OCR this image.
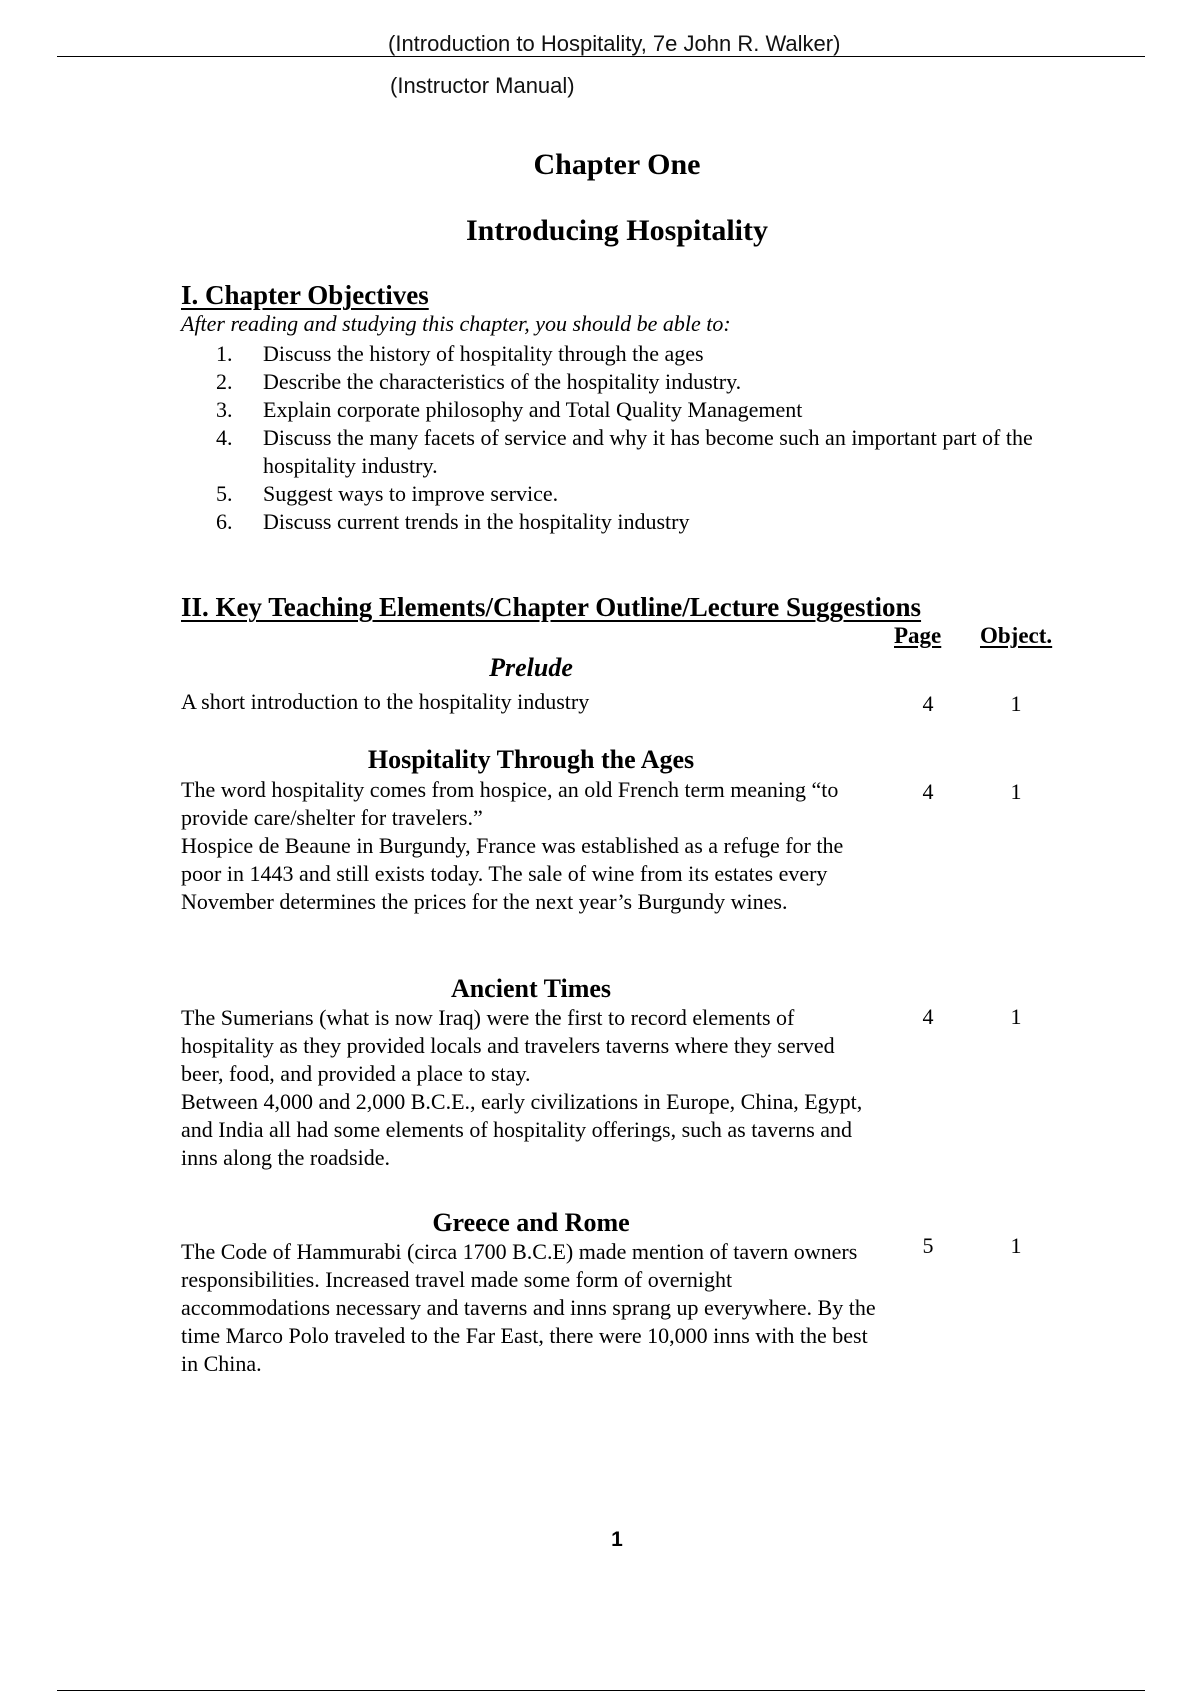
(Introduction to Hospitality, 7e John R. Walker)
(Instructor Manual)
Chapter One
Introducing Hospitality
I. Chapter Objectives
After reading and studying this chapter, you should be able to:
1. Discuss the history of hospitality through the ages
2. Describe the characteristics of the hospitality industry.
3. Explain corporate philosophy and Total Quality Management
4. Discuss the many facets of service and why it has become such an important part of the hospitality industry.
5. Suggest ways to improve service.
6. Discuss current trends in the hospitality industry
II. Key Teaching Elements/Chapter Outline/Lecture Suggestions
Page Object.
Prelude

A short introduction to the hospitality industry	4	1
Hospitality Through the Ages

The word hospitality comes from hospice, an old French term meaning “to provide care/shelter for travelers.”

Hospice de Beaune in Burgundy, France was established as a refuge for the poor in 1443 and still exists today. The sale of wine from its estates every November determines the prices for the next year’s Burgundy wines.

4	1
Ancient Times

The Sumerians (what is now Iraq) were the first to record elements of hospitality as they provided locals and travelers taverns where they served beer, food, and provided a place to stay.

Between 4,000 and 2,000 B.C.E., early civilizations in Europe, China, Egypt, and India all had some elements of hospitality offerings, such as taverns and inns along the roadside.

4	1
Greece and Rome

The Code of Hammurabi (circa 1700 B.C.E) made mention of tavern owners responsibilities. Increased travel made some form of overnight accommodations necessary and taverns and inns sprang up everywhere. By the time Marco Polo traveled to the Far East, there were 10,000 inns with the best in China.

5	1
1
